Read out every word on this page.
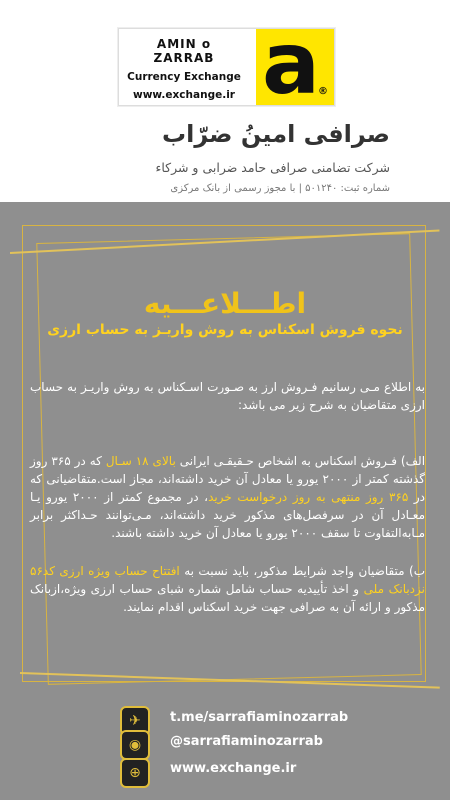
AMIN o ZARRAB
Currency Exchange
www.exchange.ir a
®
صرافی امینُ ضرّاب
شرکت تضامنی صرافی حامد ضرابی و شرکاء
شماره ثبت: ۵۰۱۲۴۰ | با مجوز رسمی از بانک مرکزی
اطـــلاعـــیه
نحوه فروش اسکناس به روش واریـز به حساب ارزی
به اطلاع مـی رسانیم فـروش ارز به صـورت اسـکناس به روش واریـز به حساب ارزی متقاضیان به شرح زیر می باشد:
الف) فـروش اسکناس به اشخاص حـقیقـی ایرانی بالای ۱۸ سـال که در ۳۶۵ روز گذشته کمتر از ۲۰۰۰ یورو یا معادل آن خرید داشته‌اند، مجاز است.متقاضیانی که در ۳۶۵ روز منتهی به روز درخواست خرید، در مجموع کمتر از ۲۰۰۰ یورو یـا معـادل آن در سرفصل‌های مذکور خرید داشته‌اند، مـی‌توانند حـداکثر برابر مـابه‌التفاوت تا سقف ۲۰۰۰ یورو یا معادل آن خرید داشته باشند.
ب) متقاضیان واجد شرایط مذکور، باید نسبت به افتتاح حساب ویژه ارزی کد۵۶ نزدبانک ملی و اخذ تأییدیه حساب شامل شماره شبای حساب ارزی ویژه،ازبانک مذکور و ارائه آن به صرافی جهت خرید اسکناس اقدام نمایند.
✈	t.me/sarrafiaminozarrab
◉	@sarrafiaminozarrab
⊕	www.exchange.ir
